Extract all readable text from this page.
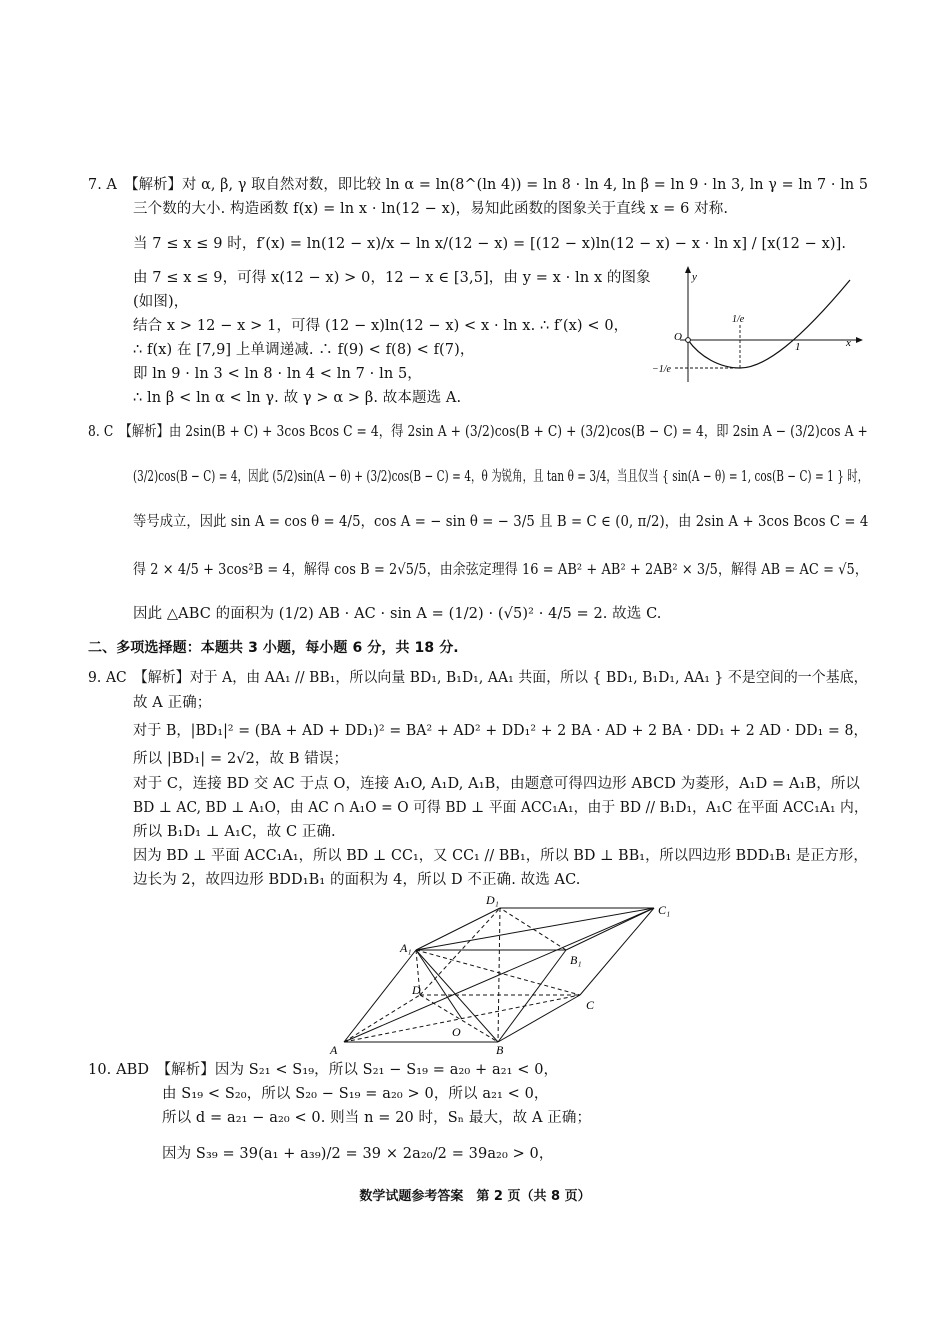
7. A　【解析】对 α, β, γ 取自然对数，即比较 ln α = ln(8^(ln 4)) = ln 8 · ln 4, ln β = ln 9 · ln 3, ln γ = ln 7 · ln 5
三个数的大小. 构造函数 f(x) = ln x · ln(12 − x)，易知此函数的图象关于直线 x = 6 对称.
当 7 ≤ x ≤ 9 时，f′(x) = ln(12 − x)/x − ln x/(12 − x) = [(12 − x)ln(12 − x) − x · ln x] / [x(12 − x)].
由 7 ≤ x ≤ 9，可得 x(12 − x) > 0，12 − x ∈ [3,5]，由 y = x · ln x 的图象
(如图)，
结合 x > 12 − x > 1，可得 (12 − x)ln(12 − x) < x · ln x. ∴ f′(x) < 0，
∴ f(x) 在 [7,9] 上单调递减. ∴ f(9) < f(8) < f(7)，
即 ln 9 · ln 3 < ln 8 · ln 4 < ln 7 · ln 5，
∴ ln β < ln α < ln γ. 故 γ > α > β. 故本题选 A.
y
x
O
1
1/e
−1/e
8. C　【解析】由 2sin(B + C) + 3cos Bcos C = 4，得 2sin A + (3/2)cos(B + C) + (3/2)cos(B − C) = 4，即 2sin A − (3/2)cos A +
(3/2)cos(B − C) = 4，因此 (5/2)sin(A − θ) + (3/2)cos(B − C) = 4，θ 为锐角，且 tan θ = 3/4，当且仅当 { sin(A − θ) = 1, cos(B − C) = 1 } 时，
等号成立，因此 sin A = cos θ = 4/5，cos A = − sin θ = − 3/5 且 B = C ∈ (0, π/2)，由 2sin A + 3cos Bcos C = 4
得 2 × 4/5 + 3cos²B = 4，解得 cos B = 2√5/5，由余弦定理得 16 = AB² + AB² + 2AB² × 3/5，解得 AB = AC = √5，
因此 △ABC 的面积为 (1/2) AB · AC · sin A = (1/2) · (√5)² · 4/5 = 2. 故选 C.
二、多项选择题：本题共 3 小题，每小题 6 分，共 18 分.
9. AC　【解析】对于 A，由 AA₁ // BB₁，所以向量 BD₁, B₁D₁, AA₁ 共面，所以 { BD₁, B₁D₁, AA₁ } 不是空间的一个基底，
故 A 正确；
对于 B，|BD₁|² = (BA + AD + DD₁)² = BA² + AD² + DD₁² + 2 BA · AD + 2 BA · DD₁ + 2 AD · DD₁ = 8，
所以 |BD₁| = 2√2，故 B 错误；
对于 C，连接 BD 交 AC 于点 O，连接 A₁O, A₁D, A₁B，由题意可得四边形 ABCD 为菱形，A₁D = A₁B，所以
BD ⊥ AC, BD ⊥ A₁O，由 AC ∩ A₁O = O 可得 BD ⊥ 平面 ACC₁A₁，由于 BD // B₁D₁，A₁C 在平面 ACC₁A₁ 内，
所以 B₁D₁ ⊥ A₁C，故 C 正确.
因为 BD ⊥ 平面 ACC₁A₁，所以 BD ⊥ CC₁，又 CC₁ // BB₁，所以 BD ⊥ BB₁，所以四边形 BDD₁B₁ 是正方形，
边长为 2，故四边形 BDD₁B₁ 的面积为 4，所以 D 不正确. 故选 AC.
D₁
C₁
A₁
B₁
D
C
O
A	B
10. ABD　【解析】因为 S₂₁ < S₁₉，所以 S₂₁ − S₁₉ = a₂₀ + a₂₁ < 0，
由 S₁₉ < S₂₀，所以 S₂₀ − S₁₉ = a₂₀ > 0，所以 a₂₁ < 0，
所以 d = a₂₁ − a₂₀ < 0. 则当 n = 20 时，Sₙ 最大，故 A 正确；
因为 S₃₉ = 39(a₁ + a₃₉)/2 = 39 × 2a₂₀/2 = 39a₂₀ > 0，
数学试题参考答案　第 2 页（共 8 页）
